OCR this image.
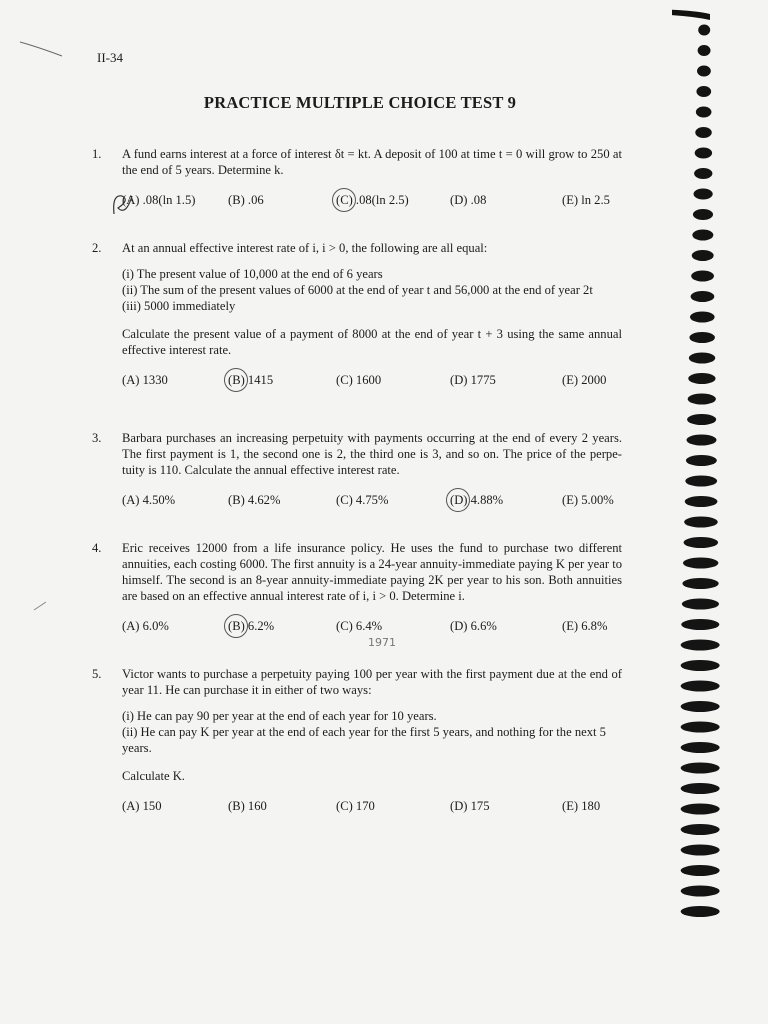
II-34
PRACTICE MULTIPLE CHOICE TEST 9
1.	A fund earns interest at a force of interest δt = kt. A deposit of 100 at time t = 0 will grow to 250 at the end of 5 years. Determine k.

(A) .08(ln 1.5)	(B) .06	(C) .08(ln 2.5)	(D) .08	(E) ln 2.5
2.	At an annual effective interest rate of i, i > 0, the following are all equal:

(i) The present value of 10,000 at the end of 6 years
(ii) The sum of the present values of 6000 at the end of year t and 56,000 at the end of year 2t
(iii) 5000 immediately

Calculate the present value of a payment of 8000 at the end of year t + 3 using the same annual effective interest rate.

(A) 1330	(B) 1415	(C) 1600	(D) 1775	(E) 2000
3.	Barbara purchases an increasing perpetuity with payments occurring at the end of every 2 years. The first payment is 1, the second one is 2, the third one is 3, and so on. The price of the perpe-tuity is 110. Calculate the annual effective interest rate.

(A) 4.50%	(B) 4.62%	(C) 4.75%	(D) 4.88%	(E) 5.00%
4.	Eric receives 12000 from a life insurance policy. He uses the fund to purchase two different annuities, each costing 6000. The first annuity is a 24-year annuity-immediate paying K per year to himself. The second is an 8-year annuity-immediate paying 2K per year to his son. Both annuities are based on an effective annual interest rate of i, i > 0. Determine i.

(A) 6.0%	(B) 6.2%	(C) 6.4%	(D) 6.6%	(E) 6.8%
1971
5.	Victor wants to purchase a perpetuity paying 100 per year with the first payment due at the end of year 11. He can purchase it in either of two ways:

(i) He can pay 90 per year at the end of each year for 10 years.
(ii) He can pay K per year at the end of each year for the first 5 years, and nothing for the next 5 years.

Calculate K.

(A) 150	(B) 160	(C) 170	(D) 175	(E) 180
